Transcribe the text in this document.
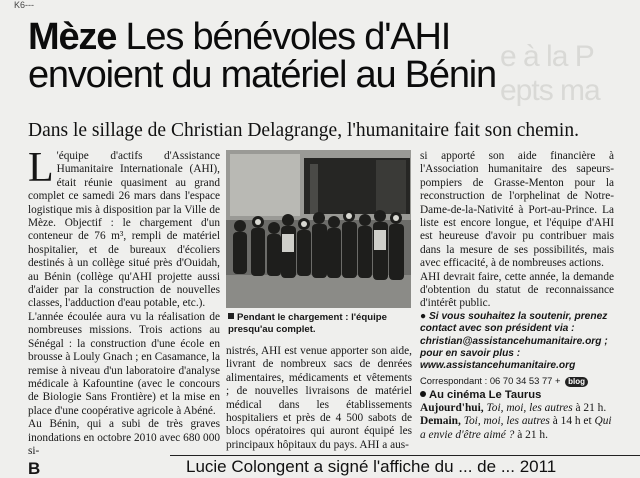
K6---
e à la P
epts ma
Mèze Les bénévoles d'AHI
envoient du matériel au Bénin
Dans le sillage de Christian Delagrange, l'humanitaire fait son chemin.

L 'équipe d'actifs d'Assistance Humanitaire Internationale (AHI), était réunie quasiment au grand complet ce samedi 26 mars dans l'espace logistique mis à disposition par la Ville de Mèze. Objectif : le chargement d'un conteneur de 76 m³, rempli de matériel hospitalier, et de bureaux d'écoliers destinés à un collège situé près d'Ouidah, au Bénin (collège qu'AHI projette aussi d'aider par la construction de nouvelles classes, l'adduction d'eau potable, etc.).

L'année écoulée aura vu la réalisation de nombreuses missions. Trois actions au Sénégal : la construction d'une école en brousse à Louly Gnach ; en Casamance, la remise à niveau d'un laboratoire d'analyse médicale à Kafountine (avec le concours de Biologie Sans Frontière) et la mise en place d'une coopérative agricole à Abéné.

Au Bénin, qui a subi de très graves inondations en octobre 2010 avec 680 000 si-

Pendant le chargement : l'équipe presqu'au complet.

nistrés, AHI est venue apporter son aide, livrant de nombreux sacs de denrées alimentaires, médicaments et vêtements ; de nouvelles livraisons de matériel médical dans les établissements hospitaliers et près de 4 500 sabots de blocs opératoires qui auront équipé les principaux hôpitaux du pays. AHI a aus-

si apporté son aide financière à l'Association humanitaire des sapeurs-pompiers de Grasse-Menton pour la reconstruction de l'orphelinat de Notre-Dame-de-la-Nativité à Port-au-Prince. La liste est encore longue, et l'équipe d'AHI est heureuse d'avoir pu contribuer mais dans la mesure de ses possibilités, mais avec efficacité, à de nombreuses actions.

AHI devrait faire, cette année, la demande d'obtention du statut de reconnaissance d'intérêt public.

● Si vous souhaitez la soutenir, prenez contact avec son président via :
christian@assistancehumanitaire.org ;
pour en savoir plus :
www.assistancehumanitaire.org
Correspondant : 06 70 34 53 77 + blog
Au cinéma Le Taurus
Aujourd'hui, Toi, moi, les autres à 21 h.
Demain, Toi, moi, les autres à 14 h et Qui a envie d'être aimé ? à 21 h.
B	Lucie Colongent a signé l'affiche du ... de ... 2011
